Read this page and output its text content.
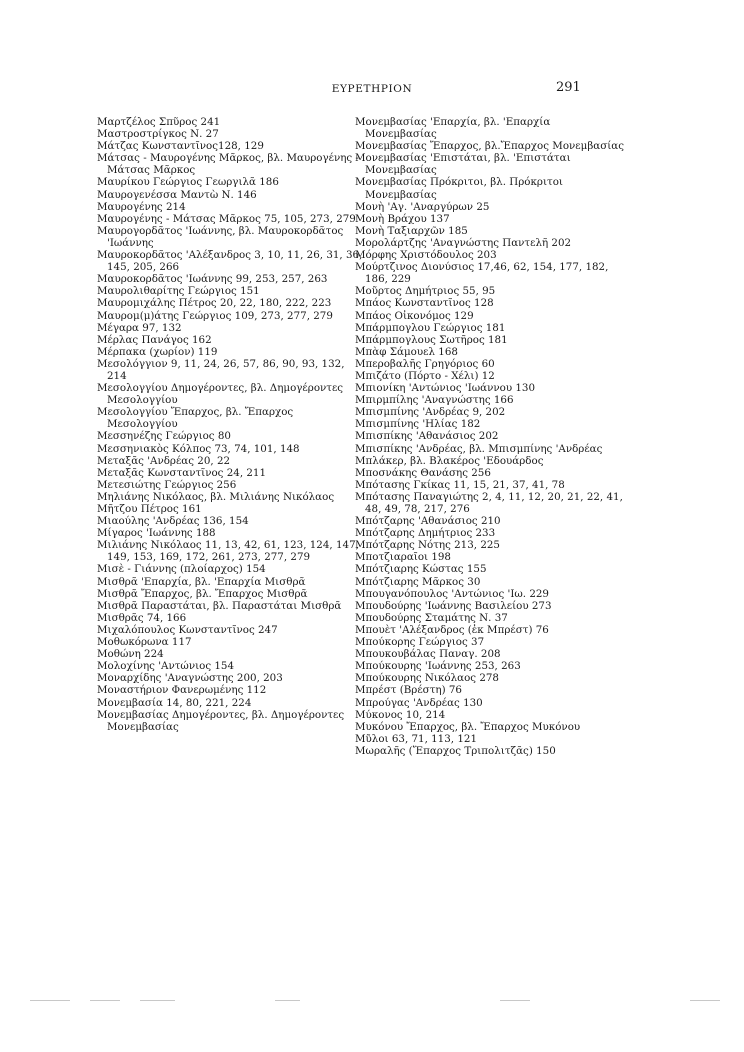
ΕΥΡΕΤΗΡΙΟΝ	291
Μαρτζέλος Σπῦρος 241
Μαστροστρίγκος Ν. 27
Μάτζας Κωνσταντῖνος128, 129
Μάτσας - Μαυρογένης Μᾶρκος, βλ. Μαυρογένης - Μάτσας Μᾶρκος
Μαυρίκου Γεώργιος Γεωργιλᾶ 186
Μαυρογενέσσα Μαντὼ Ν. 146
Μαυρογένης 214
Μαυρογένης - Μάτσας Μᾶρκος 75, 105, 273, 279
Μαυρογορδᾶτος 'Ιωάννης, βλ. Μαυροκορδᾶτος 'Ιωάννης
Μαυροκορδᾶτος 'Αλέξανδρος 3, 10, 11, 26, 31, 36, 145, 205, 266
Μαυροκορδᾶτος 'Ιωάννης 99, 253, 257, 263
Μαυρολιθαρίτης Γεώργιος 151
Μαυρομιχάλης Πέτρος 20, 22, 180, 222, 223
Μαυρομ(μ)άτης Γεώργιος 109, 273, 277, 279
Μέγαρα 97, 132
Μέρλας Πανάγος 162
Μέρπακα (χωρίον) 119
Μεσολόγγιον 9, 11, 24, 26, 57, 86, 90, 93, 132, 214
Μεσολογγίου Δημογέροντες, βλ. Δημογέροντες Μεσολογγίου
Μεσολογγίου Ἔπαρχος, βλ. Ἔπαρχος Μεσολογγίου
Μεσσηνέζης Γεώργιος 80
Μεσσηνιακὸς Κόλπος 73, 74, 101, 148
Μεταξᾶς 'Ανδρέας 20, 22
Μεταξᾶς Κωνσταντῖνος 24, 211
Μετεσιώτης Γεώργιος 256
Μηλιάνης Νικόλαος, βλ. Μιλιάνης Νικόλαος
Μῆτζου Πέτρος 161
Μιαούλης 'Ανδρέας 136, 154
Μίγαρος 'Ιωάννης 188
Μιλιάνης Νικόλαος 11, 13, 42, 61, 123, 124, 147, 149, 153, 169, 172, 261, 273, 277, 279
Μισὲ - Γιάννης (πλοίαρχος) 154
Μισθρᾶ 'Επαρχία, βλ. 'Επαρχία Μισθρᾶ
Μισθρᾶ Ἔπαρχος, βλ. Ἔπαρχος Μισθρᾶ
Μισθρᾶ Παραστάται, βλ. Παραστάται Μισθρᾶ
Μισθρᾶς 74, 166
Μιχαλόπουλος Κωνσταντῖνος 247
Μοθωκόρωνα 117
Μοθώνη 224
Μολοχίνης 'Αντώνιος 154
Μοναρχίδης 'Αναγνώστης 200, 203
Μοναστήριον Φανερωμένης 112
Μονεμβασία 14, 80, 221, 224
Μονεμβασίας Δημογέροντες, βλ. Δημογέροντες Μονεμβασίας
Μονεμβασίας 'Επαρχία, βλ. 'Επαρχία Μονεμβασίας
Μονεμβασίας Ἔπαρχος, βλ.Ἔπαρχος Μονεμβασίας
Μονεμβασίας 'Επιστάται, βλ. 'Επιστάται Μονεμβασίας
Μονεμβασίας Πρόκριτοι, βλ. Πρόκριτοι Μονεμβασίας
Μονὴ 'Αγ. 'Αναργύρων 25
Μονὴ Βράχου 137
Μονὴ Ταξιαρχῶν 185
Μορολάρτζης 'Αναγνώστης Παντελῆ 202
Μόρφης Χριστόδουλος 203
Μούρτζινος Διονύσιος 17,46, 62, 154, 177, 182, 186, 229
Μοῦρτος Δημήτριος 55, 95
Μπάος Κωνσταντῖνος 128
Μπάος Οἰκονόμος 129
Μπάρμπογλου Γεώργιος 181
Μπάρμπογλους Σωτῆρος 181
Μπὰφ Σάμουελ 168
Μπεροβαλῆς Γρηγόριος 60
Μπιζάτο (Πόρτο - Χέλι) 12
Μπιονίκη 'Αντώνιος 'Ιωάννου 130
Μπιρμπίλης 'Αναγνώστης 166
Μπισμπίνης 'Ανδρέας 9, 202
Μπισμπίνης 'Ηλίας 182
Μπισπίκης 'Αθανάσιος 202
Μπισπίκης 'Ανδρέας, βλ. Μπισμπίνης 'Ανδρέας
Μπλάκερ, βλ. Βλακέρος 'Εδουάρδος
Μποσνάκης Θανάσης 256
Μπότασης Γκίκας 11, 15, 21, 37, 41, 78
Μπότασης Παναγιώτης 2, 4, 11, 12, 20, 21, 22, 41, 48, 49, 78, 217, 276
Μπότζαρης 'Αθανάσιος 210
Μπότζαρης Δημήτριος 233
Μπότζαρης Νότης 213, 225
Μποτζιαραῖοι 198
Μπότζιαρης Κώστας 155
Μπότζιαρης Μᾶρκος 30
Μπουγανόπουλος 'Αντώνιος 'Ιω. 229
Μπουδούρης 'Ιωάννης Βασιλείου 273
Μπουδούρης Σταμάτης Ν. 37
Μπουὲτ 'Αλέξανδρος (ἐκ Μπρέστ) 76
Μπούκορης Γεώργιος 37
Μπουκουβάλας Παναγ. 208
Μπούκουρης 'Ιωάννης 253, 263
Μπούκουρης Νικόλαος 278
Μπρέστ (Βρέστη) 76
Μπρούγας 'Ανδρέας 130
Μύκονος 10, 214
Μυκόνου Ἔπαρχος, βλ. Ἔπαρχος Μυκόνου
Μῦλοι 63, 71, 113, 121
Μωραλῆς (Ἔπαρχος Τριπολιτζᾶς) 150
